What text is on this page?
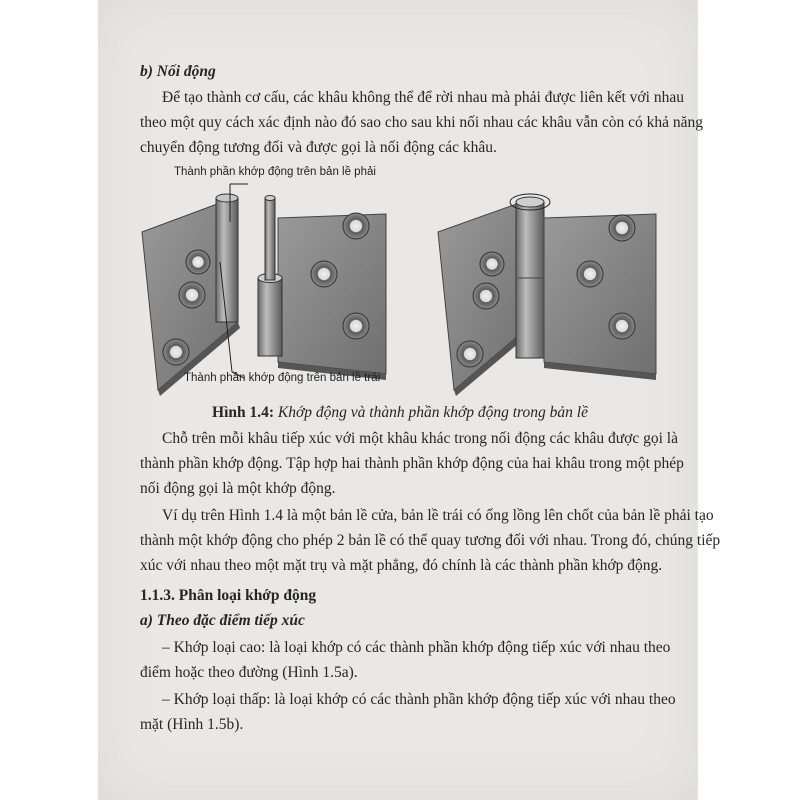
b) Nối động
Để tạo thành cơ cấu, các khâu không thể để rời nhau mà phải được liên kết với nhau
theo một quy cách xác định nào đó sao cho sau khi nối nhau các khâu vẫn còn có khả năng
chuyển động tương đối và được gọi là nối động các khâu.
Thành phần khớp động trên bản lề phải
Thành phần khớp động trên bản lề trái
Hình 1.4: Khớp động và thành phần khớp động trong bản lề
Chỗ trên mỗi khâu tiếp xúc với một khâu khác trong nối động các khâu được gọi là
thành phần khớp động. Tập hợp hai thành phần khớp động của hai khâu trong một phép
nối động gọi là một khớp động.
Ví dụ trên Hình 1.4 là một bản lề cửa, bản lề trái có ống lồng lên chốt của bản lề phải tạo
thành một khớp động cho phép 2 bản lề có thể quay tương đối với nhau. Trong đó, chúng tiếp
xúc với nhau theo một mặt trụ và mặt phẳng, đó chính là các thành phần khớp động.
1.1.3. Phân loại khớp động
a) Theo đặc điểm tiếp xúc
– Khớp loại cao: là loại khớp có các thành phần khớp động tiếp xúc với nhau theo
điểm hoặc theo đường (Hình 1.5a).
– Khớp loại thấp: là loại khớp có các thành phần khớp động tiếp xúc với nhau theo
mặt (Hình 1.5b).
